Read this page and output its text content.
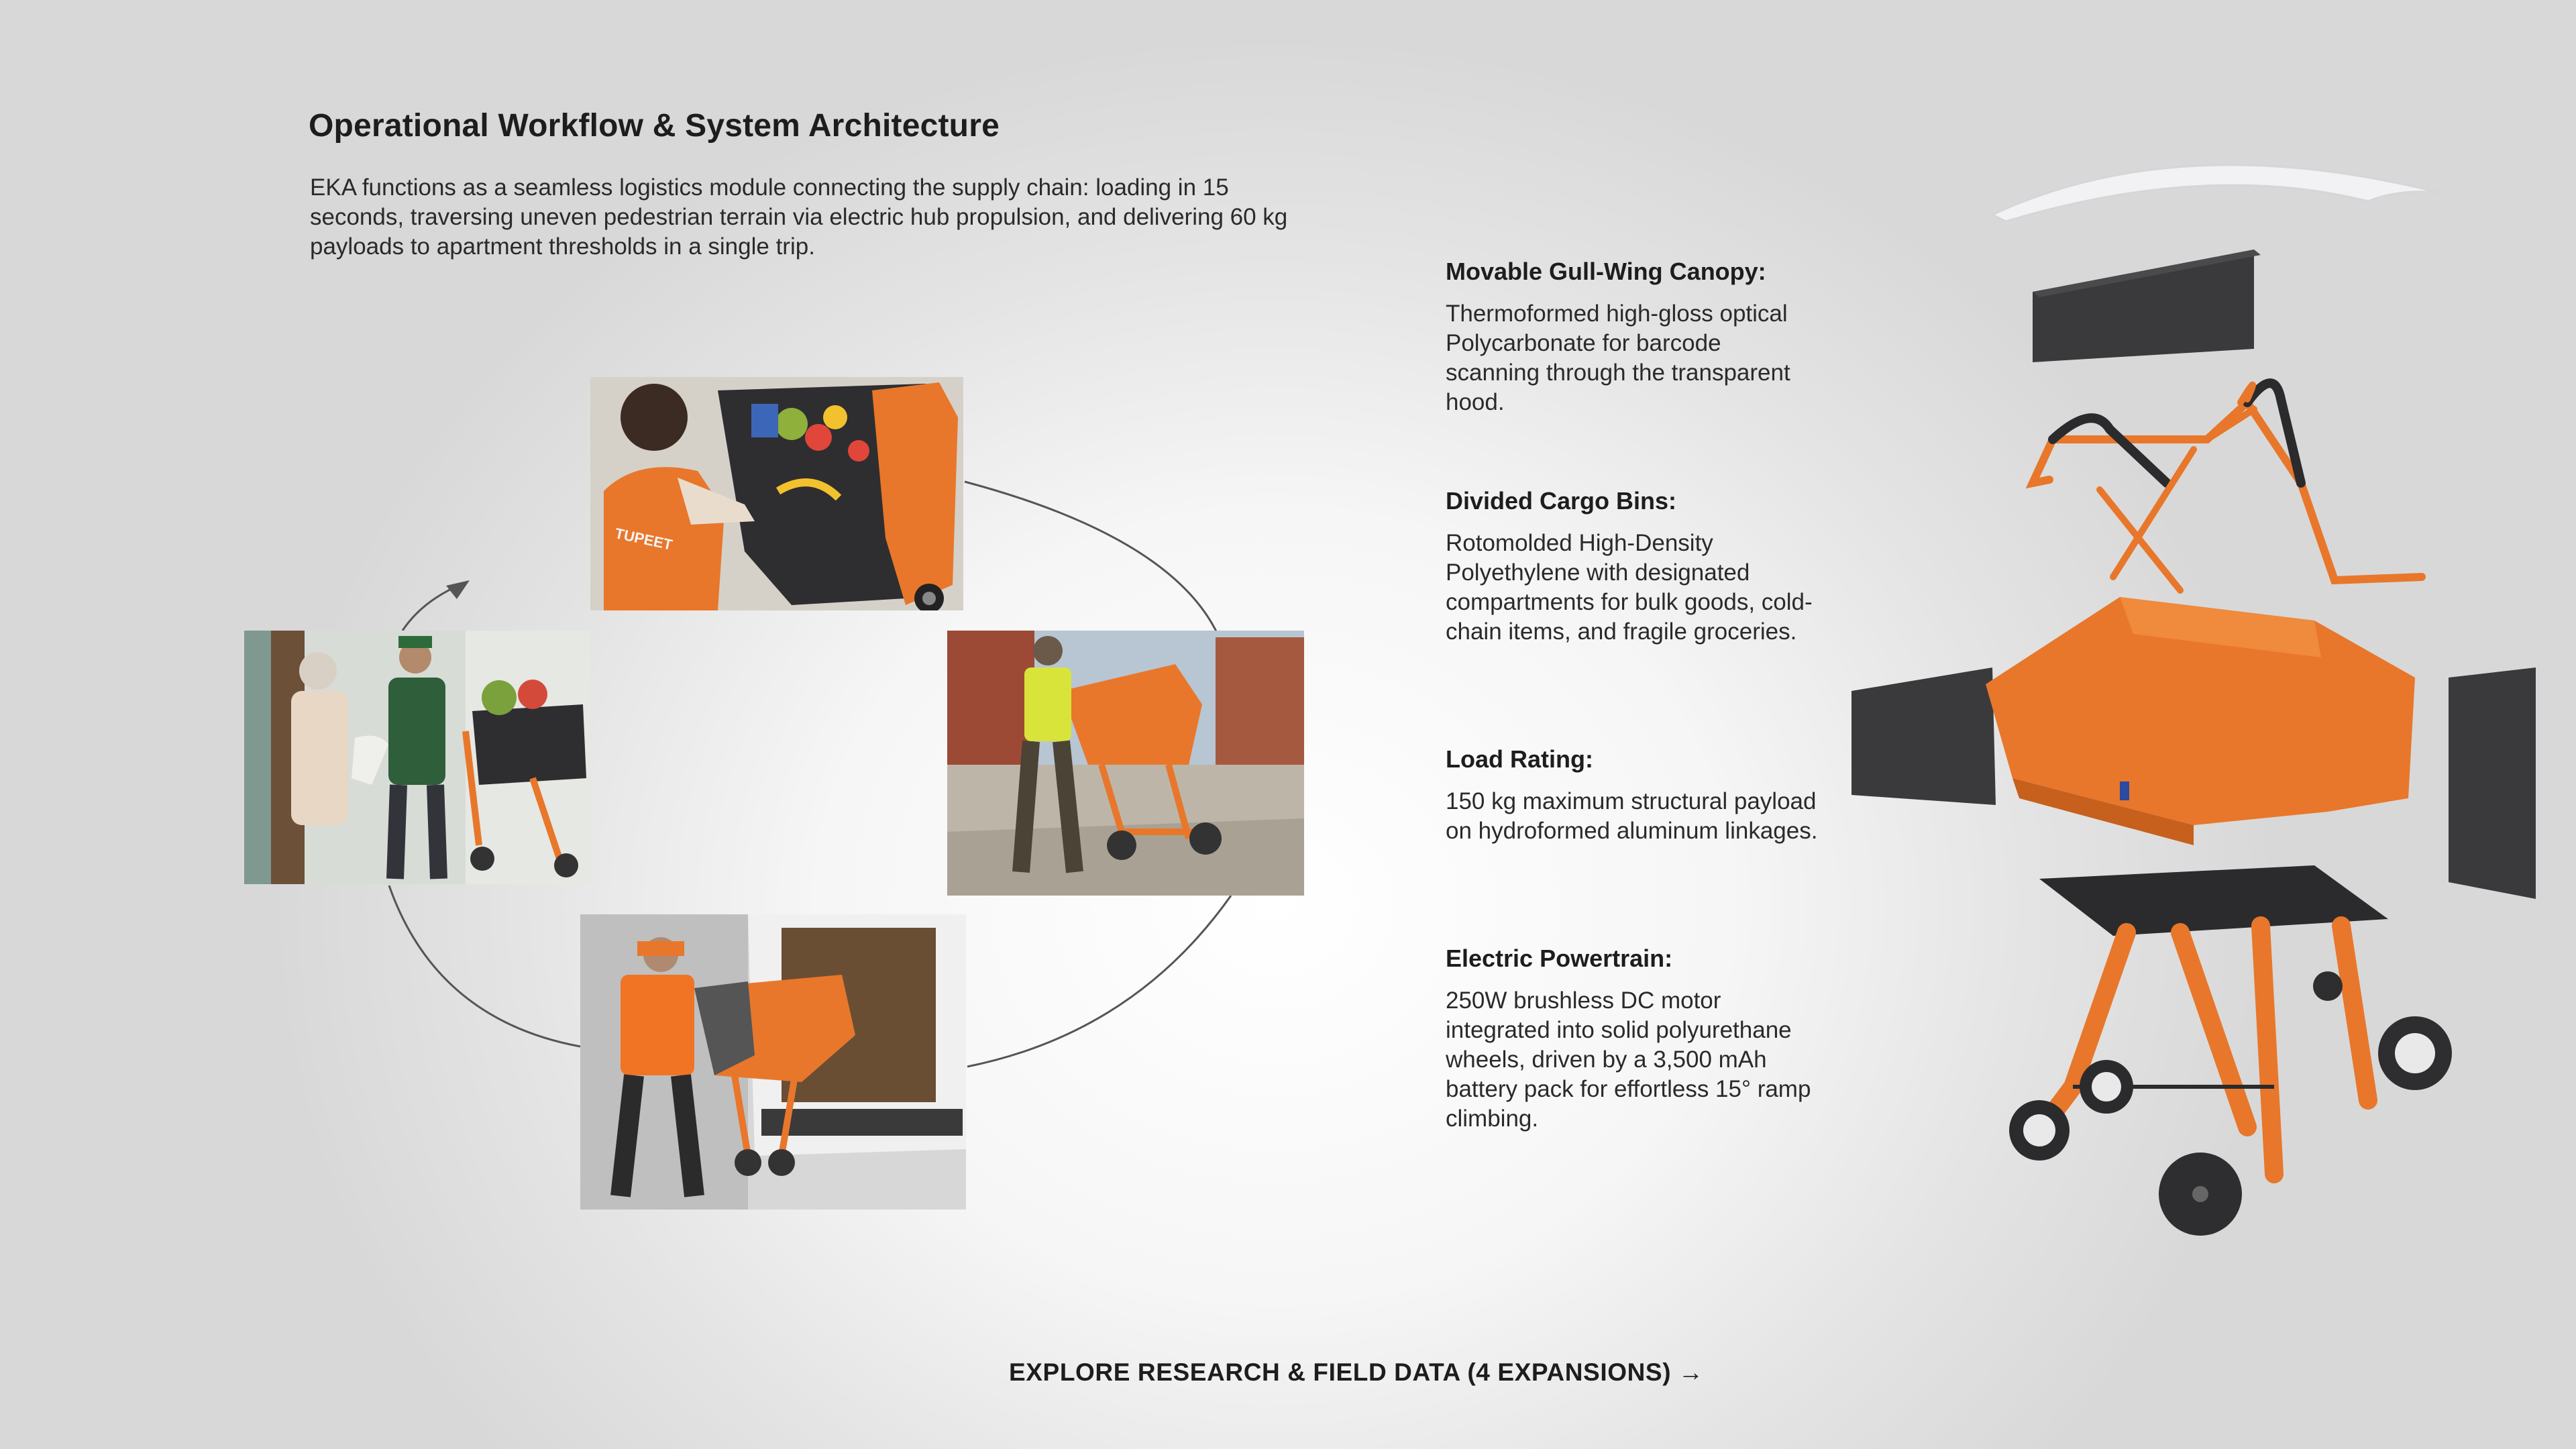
Operational Workflow & System Architecture
EKA functions as a seamless logistics module connecting the supply chain: loading in 15 seconds, traversing uneven pedestrian terrain via electric hub propulsion, and delivering 60 kg payloads to apartment thresholds in a single trip.
TUPEET

Movable Gull-Wing Canopy:

Thermoformed high-gloss optical Polycarbonate for barcode scanning through the transparent hood.

Divided Cargo Bins:

Rotomolded High-Density Polyethylene with designated compartments for bulk goods, cold-chain items, and fragile groceries.

Load Rating:

150 kg maximum structural payload on hydroformed aluminum linkages.

Electric Powertrain:

250W brushless DC motor integrated into solid polyurethane wheels, driven by a 3,500 mAh battery pack for effortless 15° ramp climbing.

EXPLORE RESEARCH & FIELD DATA (4 EXPANSIONS) →
